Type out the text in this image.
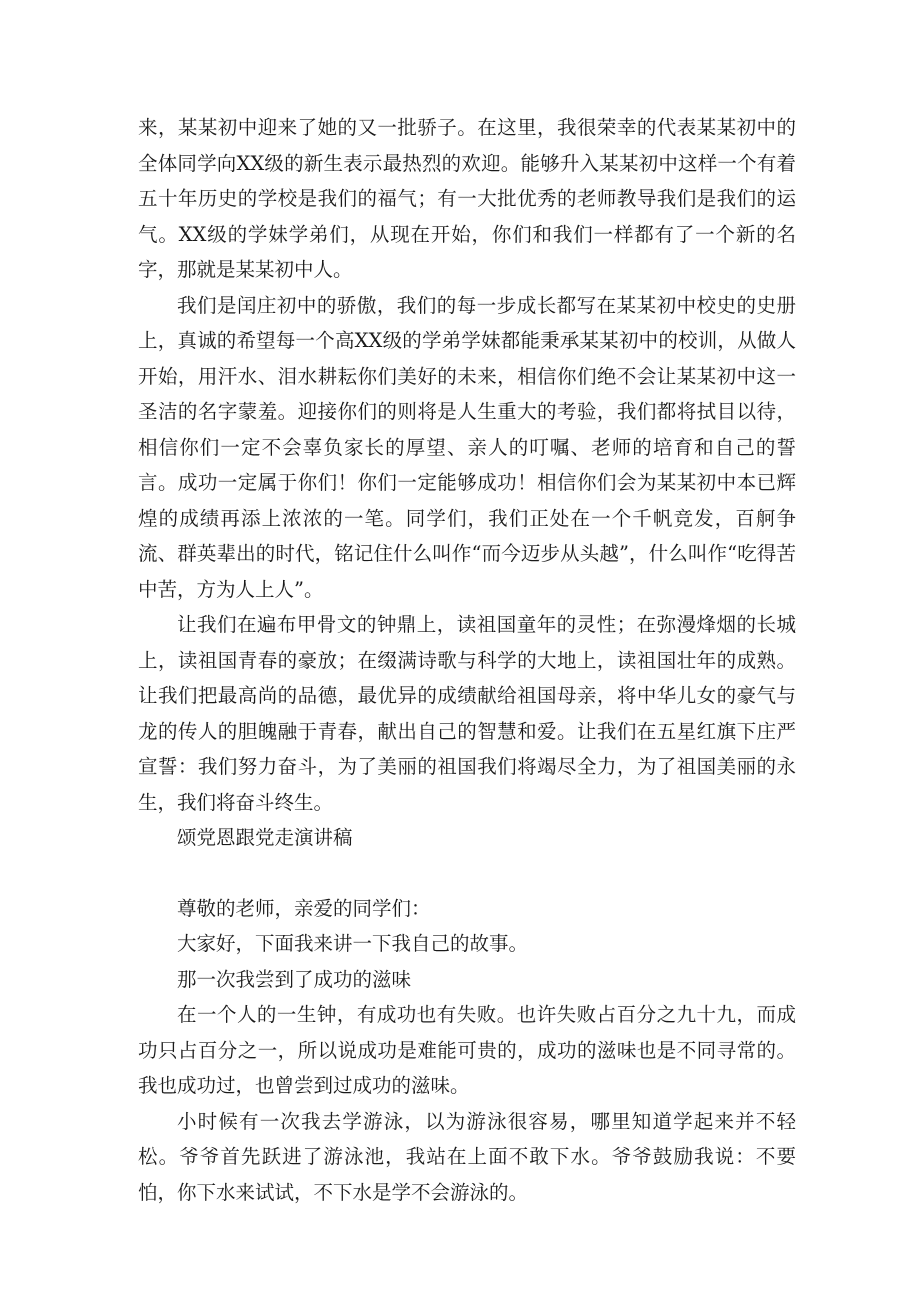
来，某某初中迎来了她的又一批骄子。在这里，我很荣幸的代表某某初中的全体同学向XX级的新生表示最热烈的欢迎。能够升入某某初中这样一个有着五十年历史的学校是我们的福气；有一大批优秀的老师教导我们是我们的运气。XX级的学妹学弟们，从现在开始，你们和我们一样都有了一个新的名字，那就是某某初中人。

我们是闰庄初中的骄傲，我们的每一步成长都写在某某初中校史的史册上，真诚的希望每一个高XX级的学弟学妹都能秉承某某初中的校训，从做人开始，用汗水、泪水耕耘你们美好的未来，相信你们绝不会让某某初中这一圣洁的名字蒙羞。迎接你们的则将是人生重大的考验，我们都将拭目以待，相信你们一定不会辜负家长的厚望、亲人的叮嘱、老师的培育和自己的誓言。成功一定属于你们！你们一定能够成功！相信你们会为某某初中本已辉煌的成绩再添上浓浓的一笔。同学们，我们正处在一个千帆竞发，百舸争流、群英辈出的时代，铭记住什么叫作“而今迈步从头越”，什么叫作“吃得苦中苦，方为人上人”。

让我们在遍布甲骨文的钟鼎上，读祖国童年的灵性；在弥漫烽烟的长城上，读祖国青春的豪放；在缀满诗歌与科学的大地上，读祖国壮年的成熟。让我们把最高尚的品德，最优异的成绩献给祖国母亲，将中华儿女的豪气与龙的传人的胆魄融于青春，献出自己的智慧和爱。让我们在五星红旗下庄严宣誓：我们努力奋斗，为了美丽的祖国我们将竭尽全力，为了祖国美丽的永生，我们将奋斗终生。

颂党恩跟党走演讲稿

尊敬的老师，亲爱的同学们：

大家好，下面我来讲一下我自己的故事。

那一次我尝到了成功的滋味

在一个人的一生钟，有成功也有失败。也许失败占百分之九十九，而成功只占百分之一，所以说成功是难能可贵的，成功的滋味也是不同寻常的。我也成功过，也曾尝到过成功的滋味。

小时候有一次我去学游泳，以为游泳很容易，哪里知道学起来并不轻松。爷爷首先跃进了游泳池，我站在上面不敢下水。爷爷鼓励我说：不要怕，你下水来试试，不下水是学不会游泳的。
